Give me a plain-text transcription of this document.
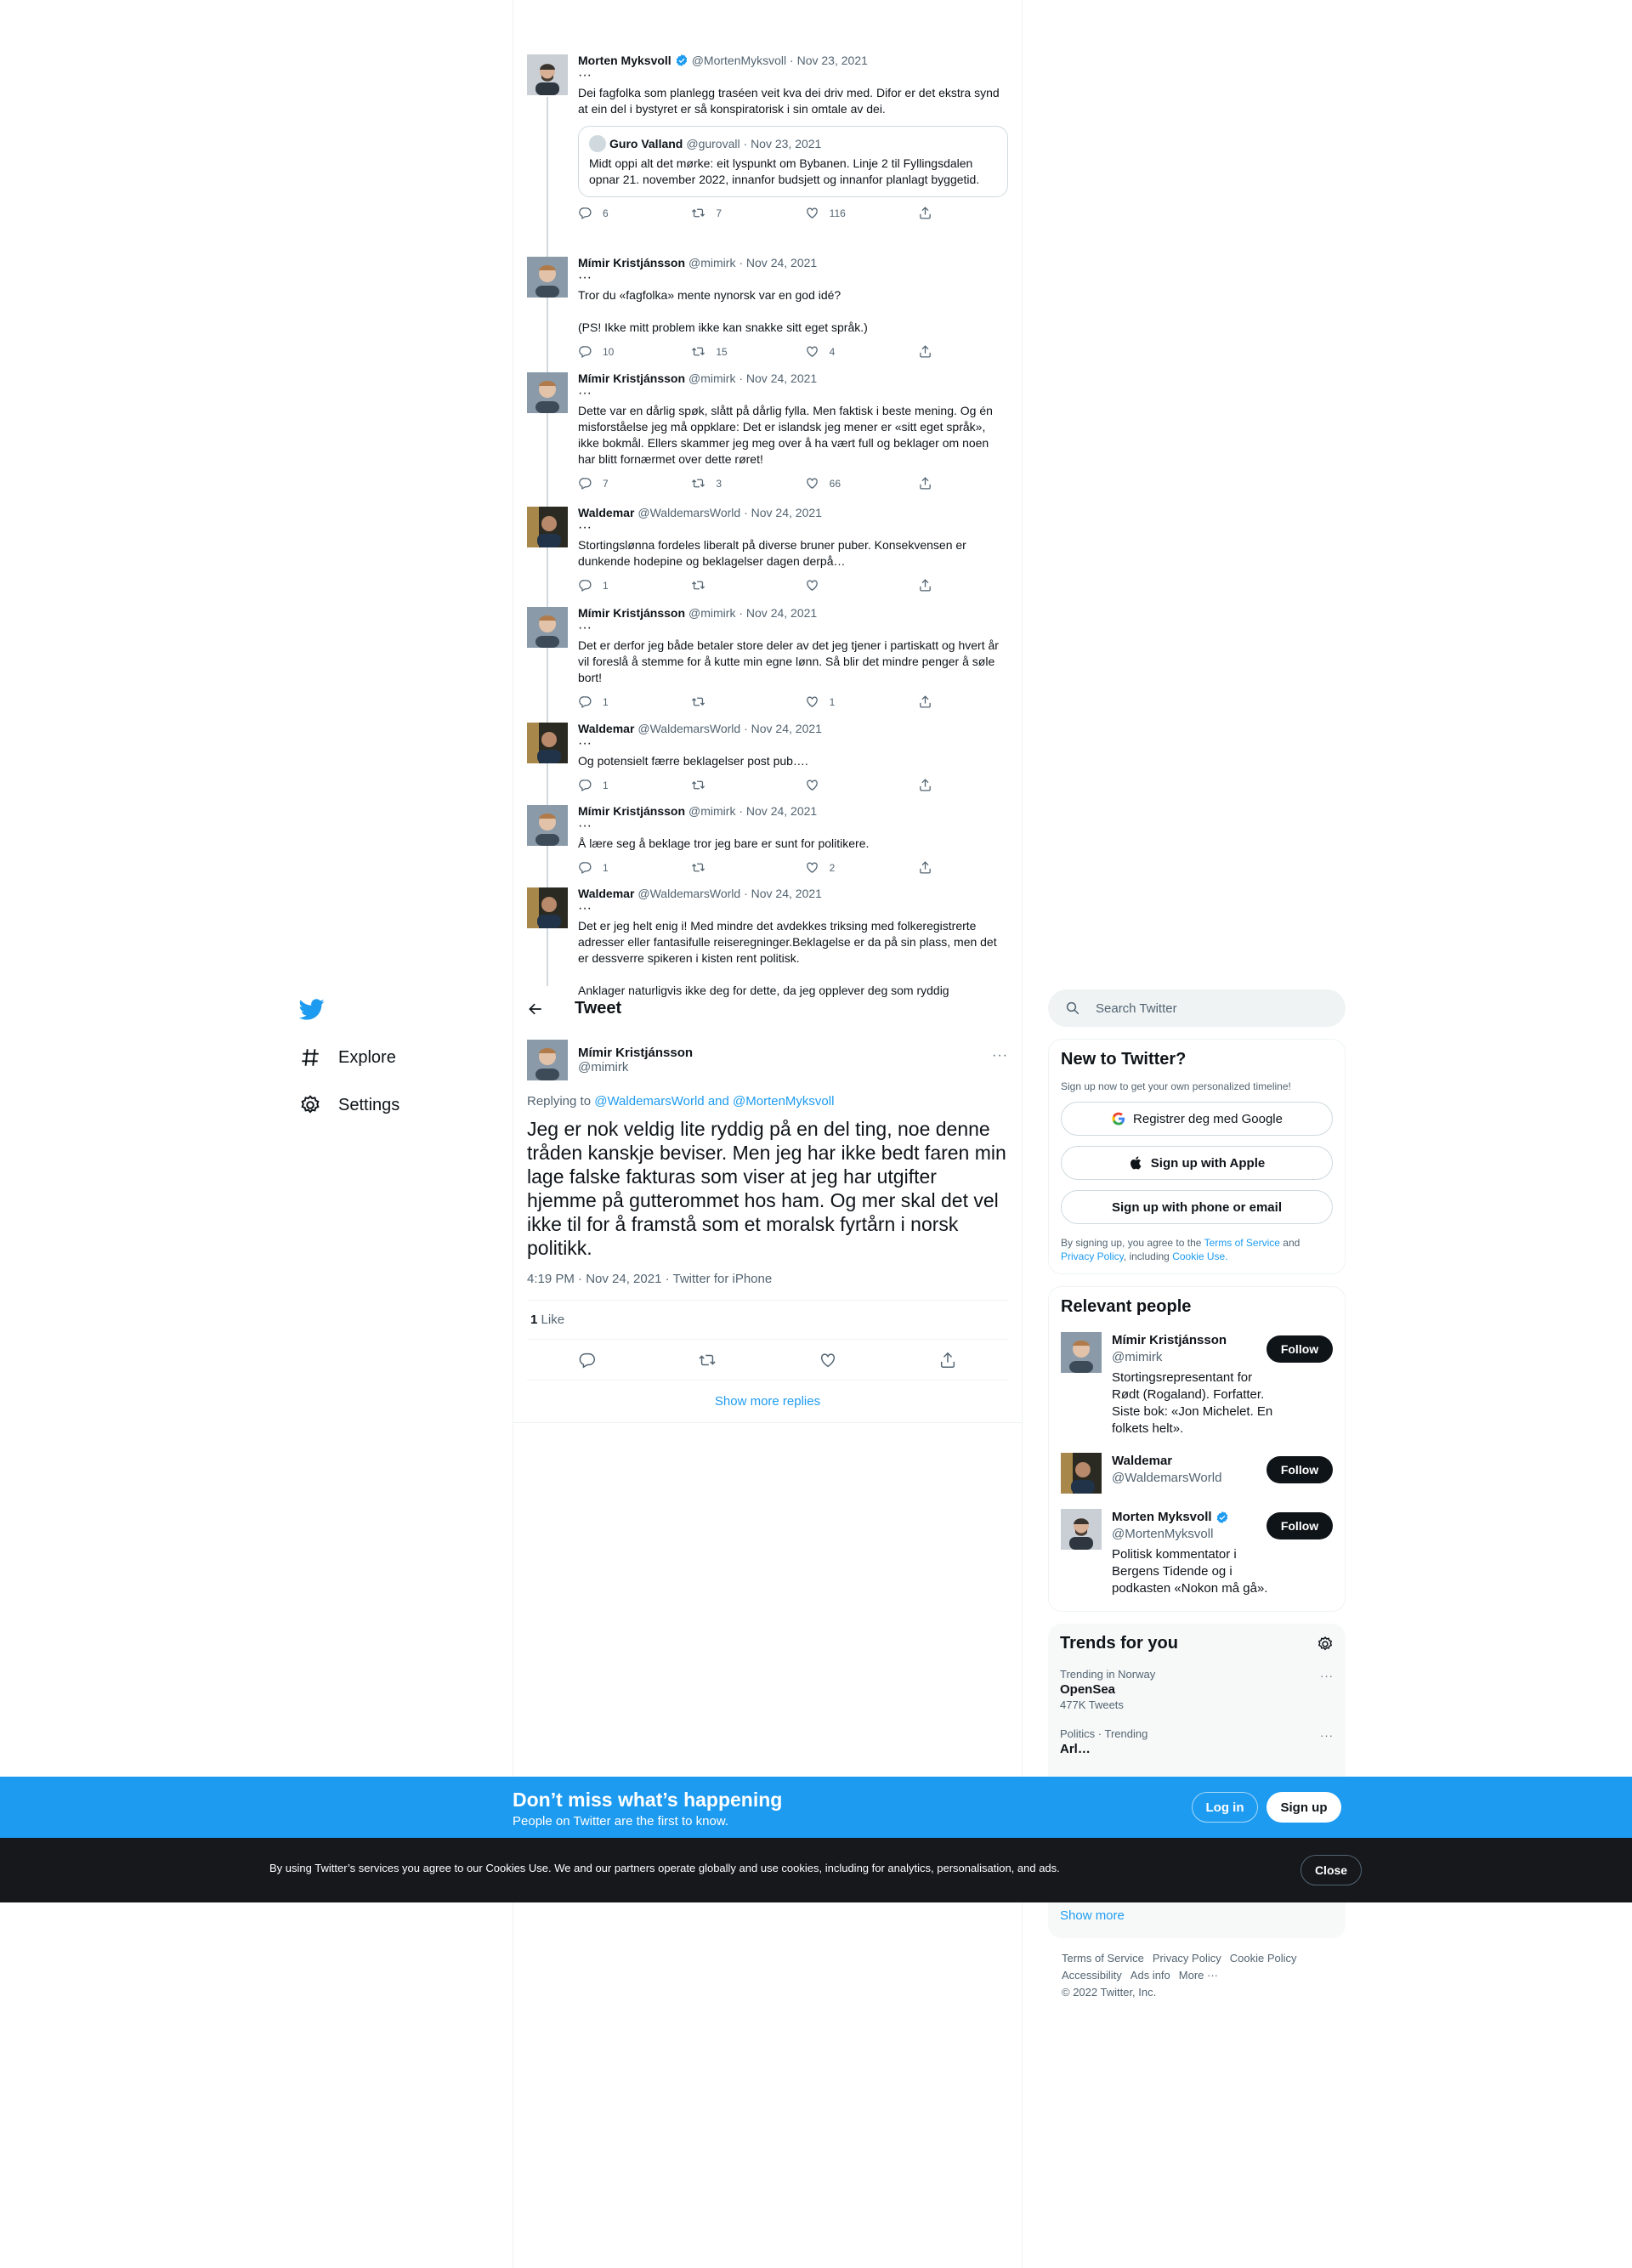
Explore
Settings
Morten Myksvoll @MortenMyksvoll · Nov 23, 2021
···
Dei fagfolka som planlegg traséen veit kva dei driv med. Difor er det ekstra synd at ein del i bystyret er så konspiratorisk i sin omtale av dei.
Guro Valland @gurovall · Nov 23, 2021
Midt oppi alt det mørke: eit lyspunkt om Bybanen. Linje 2 til Fyllingsdalen opnar 21. november 2022, innanfor budsjett og innanfor planlagt byggetid.
6	7	116
Mímir Kristjánsson @mimirk · Nov 24, 2021
···
Tror du «fagfolka» mente nynorsk var en god idé?

(PS! Ikke mitt problem ikke kan snakke sitt eget språk.)
10	15	4
Mímir Kristjánsson @mimirk · Nov 24, 2021
···
Dette var en dårlig spøk, slått på dårlig fylla. Men faktisk i beste mening. Og én misforståelse jeg må oppklare: Det er islandsk jeg mener er «sitt eget språk», ikke bokmål. Ellers skammer jeg meg over å ha vært full og beklager om noen har blitt fornærmet over dette røret!
7	3	66
Waldemar @WaldemarsWorld · Nov 24, 2021
···
Stortingslønna fordeles liberalt på diverse bruner puber. Konsekvensen er dunkende hodepine og beklagelser dagen derpå…
1
Mímir Kristjánsson @mimirk · Nov 24, 2021
···
Det er derfor jeg både betaler store deler av det jeg tjener i partiskatt og hvert år vil foreslå å stemme for å kutte min egne lønn. Så blir det mindre penger å søle bort!
1	1
Waldemar @WaldemarsWorld · Nov 24, 2021
···
Og potensielt færre beklagelser post pub….
1
Mímir Kristjánsson @mimirk · Nov 24, 2021
···
Å lære seg å beklage tror jeg bare er sunt for politikere.
1	2
Waldemar @WaldemarsWorld · Nov 24, 2021
···
Det er jeg helt enig i! Med mindre det avdekkes triksing med folkeregistrerte adresser eller fantasifulle reiseregninger.Beklagelse er da på sin plass, men det er dessverre spikeren i kisten rent politisk.

Anklager naturligvis ikke deg for dette, da jeg opplever deg som ryddig
Tweet
Mímir Kristjánsson
@mimirk
···
Replying to @WaldemarsWorld and @MortenMyksvoll
Jeg er nok veldig lite ryddig på en del ting, noe denne tråden kanskje beviser. Men jeg har ikke bedt faren min lage falske fakturas som viser at jeg har utgifter hjemme på gutterommet hos ham. Og mer skal det vel ikke til for å framstå som et moralsk fyrtårn i norsk politikk.
4:19 PM · Nov 24, 2021 · Twitter for iPhone
1 Like
Show more replies
Search Twitter
New to Twitter?
Sign up now to get your own personalized timeline!
Registrer deg med Google
Sign up with Apple
Sign up with phone or email
By signing up, you agree to the Terms of Service and Privacy Policy, including Cookie Use.
Relevant people
Mímir Kristjánsson
@mimirk
Stortingsrepresentant for Rødt (Rogaland). Forfatter. Siste bok: «Jon Michelet. En folkets helt».
Follow
Waldemar
@WaldemarsWorld
Follow
Morten Myksvoll
@MortenMyksvoll
Politisk kommentator i Bergens Tidende og i podkasten «Nokon må gå».
Follow
Trends for you
Trending in Norway
OpenSea
477K Tweets
···
Politics · Trending
Arl…
···
Show more
Terms of Service Privacy Policy Cookie Policy
Accessibility Ads info More ···
© 2022 Twitter, Inc.
Don’t miss what’s happening
People on Twitter are the first to know.
Log in	Sign up
By using Twitter’s services you agree to our Cookies Use. We and our partners operate globally and use cookies, including for analytics, personalisation, and ads.	Close
